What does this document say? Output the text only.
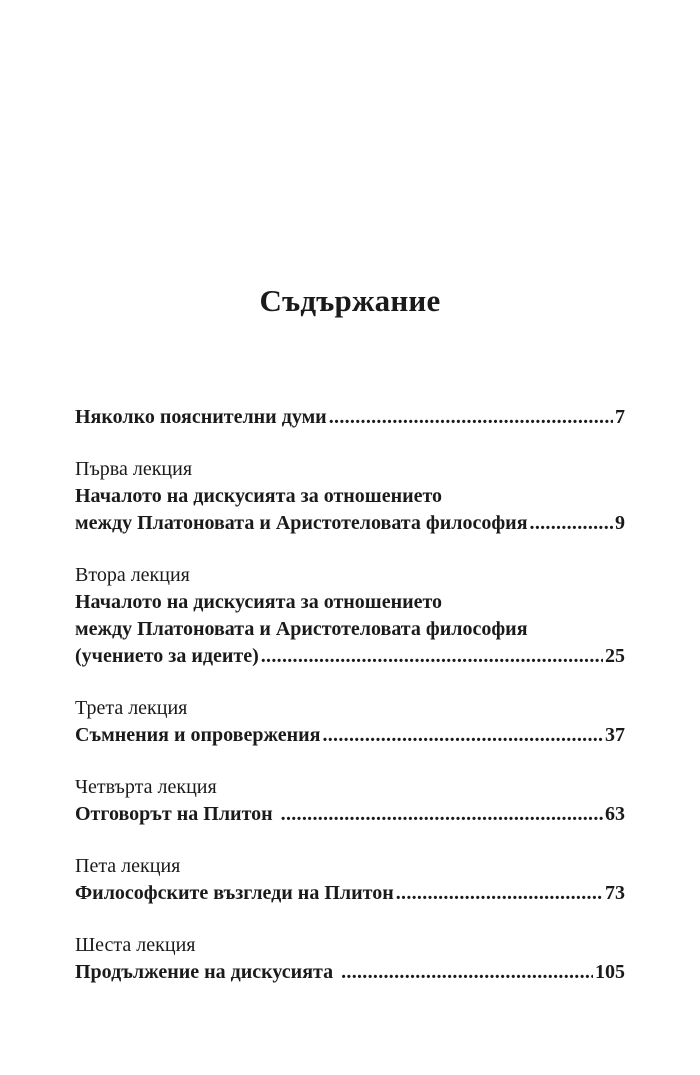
Съдържание
Няколко пояснителни думи .....	7
Първа лекция
Началото на дискусията за отношението
между Платоновата и Аристотеловата философия .....	9
Втора лекция
Началото на дискусията за отношението
между Платоновата и Аристотеловата философия
(учението за идеите) .....	25
Трета лекция
Съмнения и опровержения .....	37
Четвърта лекция
Отговорът на Плитон .....	63
Пета лекция
Философските възгледи на Плитон .....	73
Шеста лекция
Продължение на дискусията .....	105
